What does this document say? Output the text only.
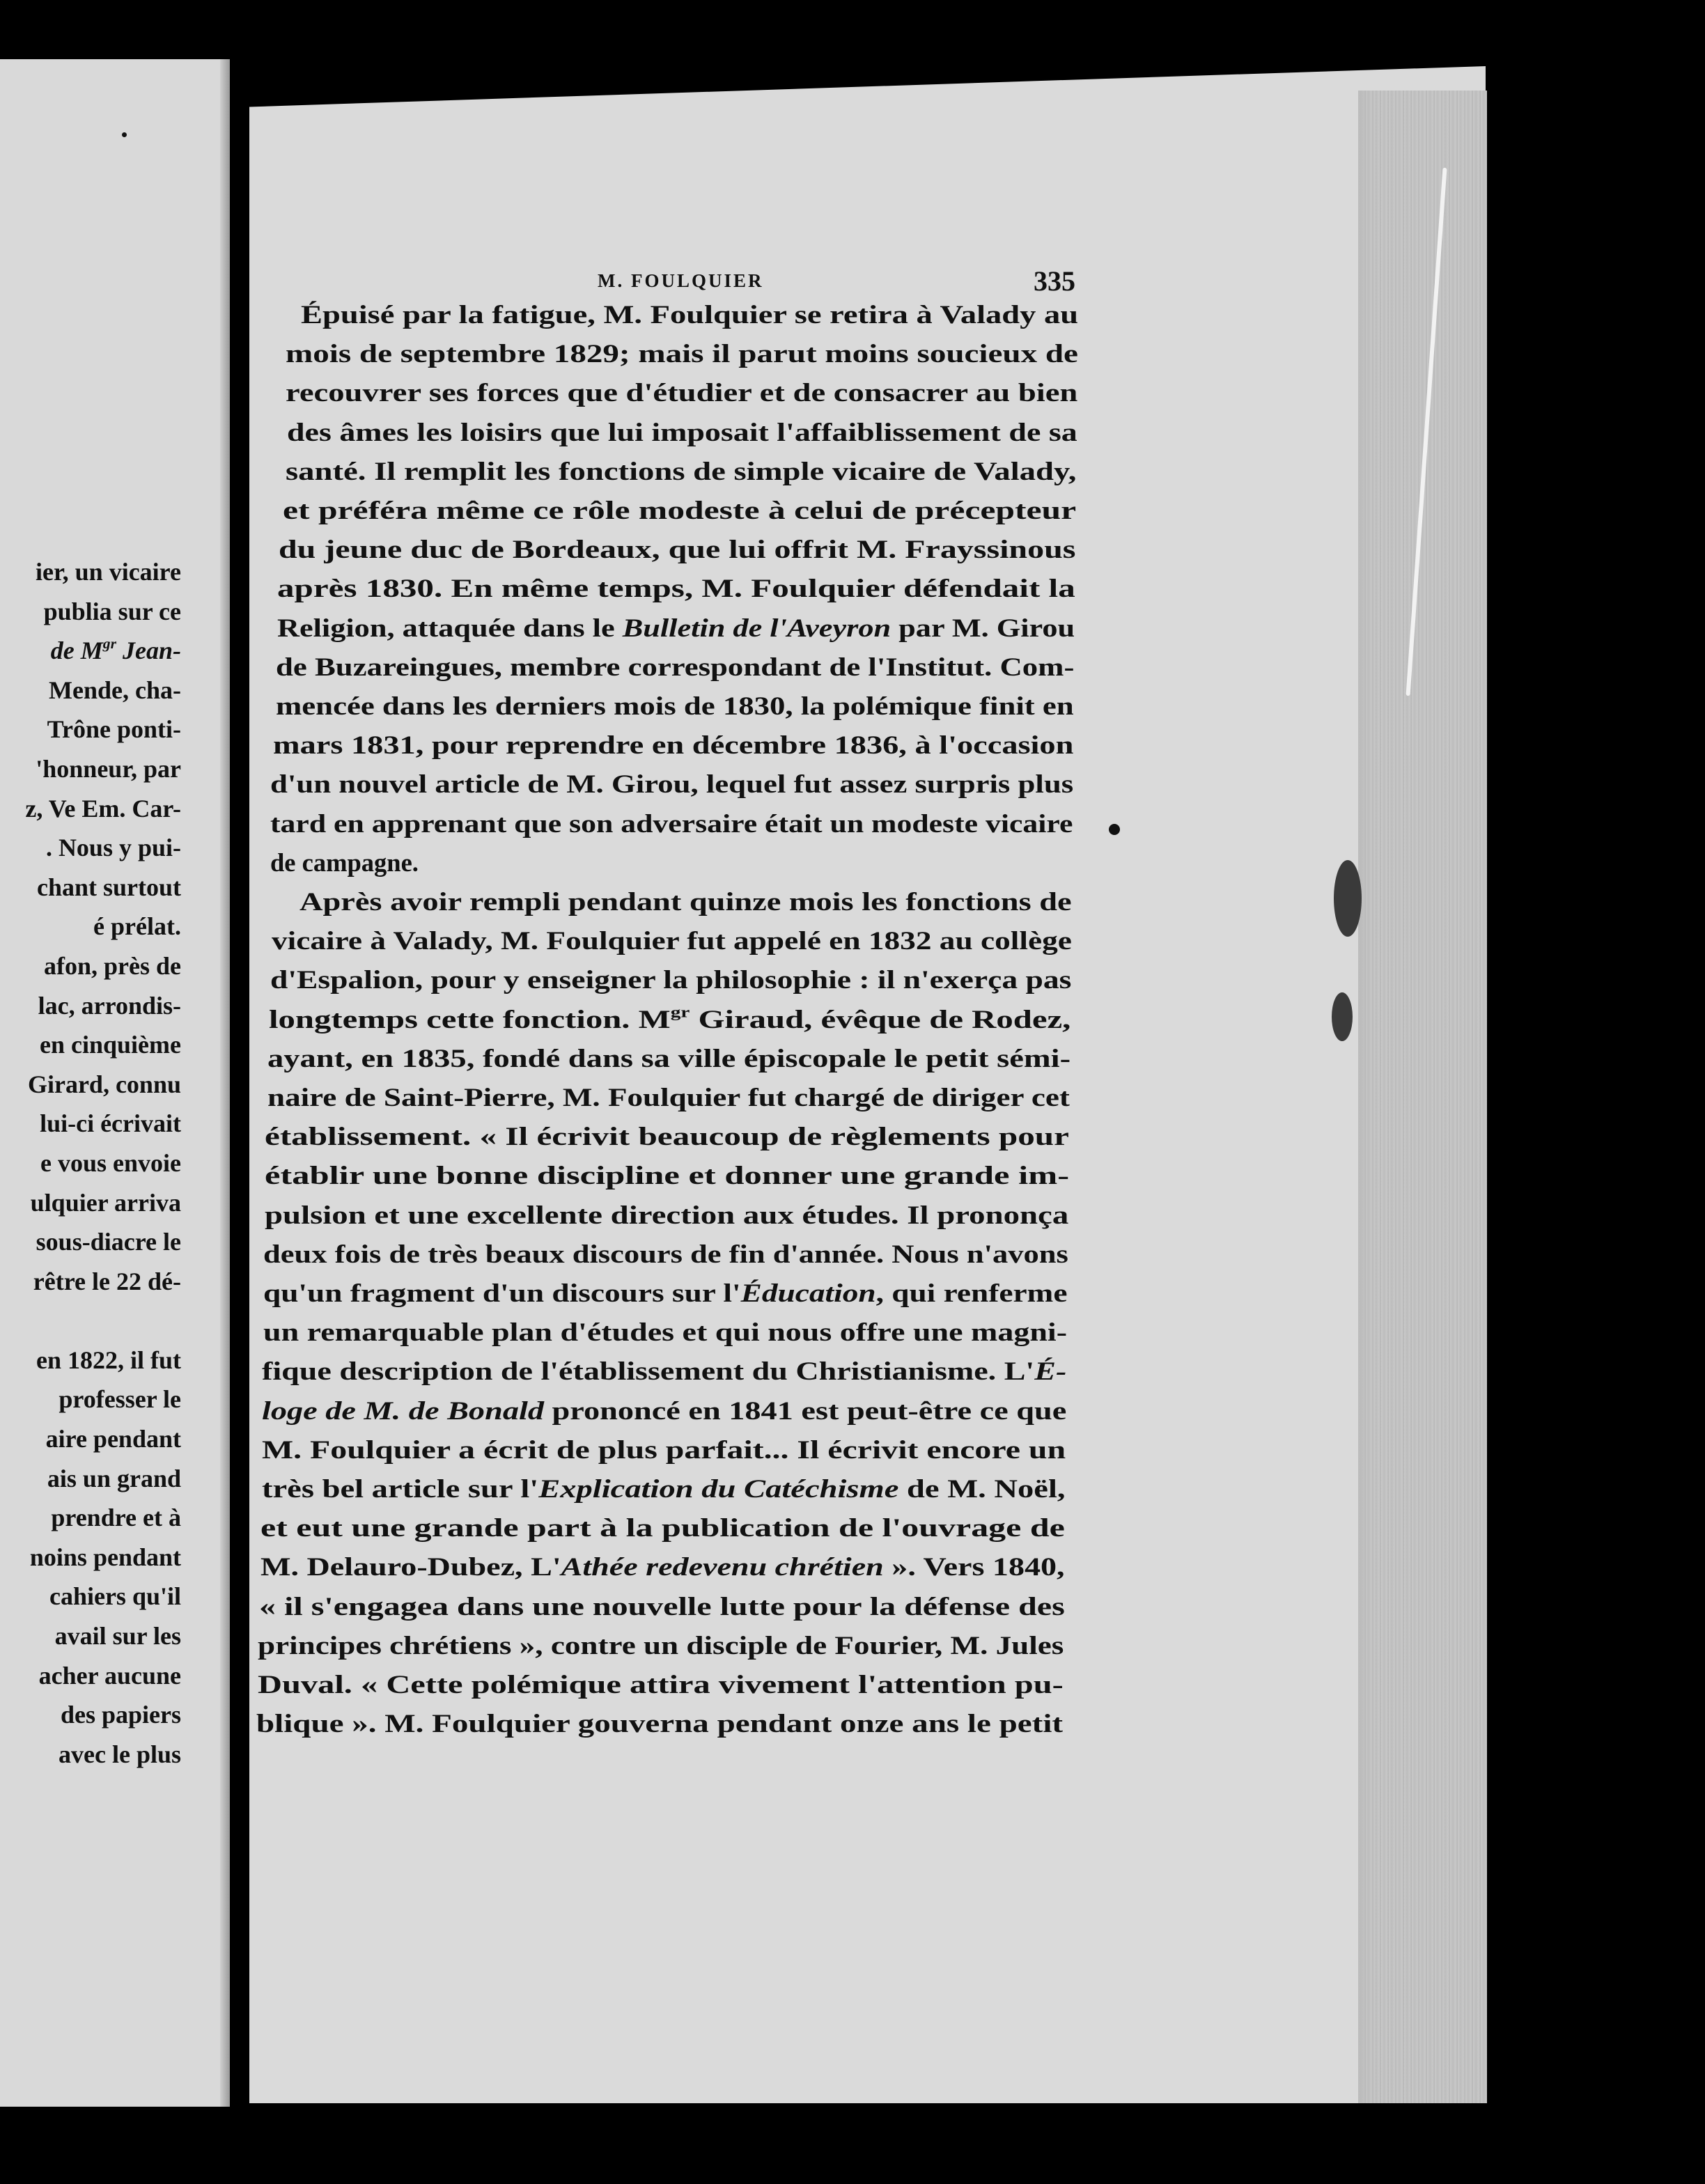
ier, un vicaire
publia sur ce
de $M^{gr}$ Jean-
Mende, cha-
Trône ponti-
'honneur, par
z, Ve Em. Car-
. Nous y pui-
chant surtout
é prélat.
afon, près de
lac, arrondis-
en cinquième
Girard, connu
lui-ci écrivait
e vous envoie
ulquier arriva
sous-diacre le
rêtre le 22 dé-
en 1822, il fut
professer le
aire pendant
ais un grand
prendre et à
noins pendant
cahiers qu'il
avail sur les
acher aucune
des papiers
avec le plus
M. FOULQUIER	335
Épuisé par la fatigue, M. Foulquier se retira à Valady au
mois de septembre 1829; mais il parut moins soucieux de
recouvrer ses forces que d'étudier et de consacrer au bien
des âmes les loisirs que lui imposait l'affaiblissement de sa
santé. Il remplit les fonctions de simple vicaire de Valady,
et préféra même ce rôle modeste à celui de précepteur
du jeune duc de Bordeaux, que lui offrit M. Frayssinous
après 1830. En même temps, M. Foulquier défendait la
Religion, attaquée dans le Bulletin de l'Aveyron par M. Girou
de Buzareingues, membre correspondant de l'Institut. Com-
mencée dans les derniers mois de 1830, la polémique finit en
mars 1831, pour reprendre en décembre 1836, à l'occasion
d'un nouvel article de M. Girou, lequel fut assez surpris plus
tard en apprenant que son adversaire était un modeste vicaire
de campagne.
Après avoir rempli pendant quinze mois les fonctions de
vicaire à Valady, M. Foulquier fut appelé en 1832 au collège
d'Espalion, pour y enseigner la philosophie : il n'exerça pas
longtemps cette fonction. $M^{gr}$ Giraud, évêque de Rodez,
ayant, en 1835, fondé dans sa ville épiscopale le petit sémi-
naire de Saint-Pierre, M. Foulquier fut chargé de diriger cet
établissement. « Il écrivit beaucoup de règlements pour
établir une bonne discipline et donner une grande im-
pulsion et une excellente direction aux études. Il prononça
deux fois de très beaux discours de fin d'année. Nous n'avons
qu'un fragment d'un discours sur l'Éducation, qui renferme
un remarquable plan d'études et qui nous offre une magni-
fique description de l'établissement du Christianisme. L'É-
loge de M. de Bonald prononcé en 1841 est peut-être ce que
M. Foulquier a écrit de plus parfait... Il écrivit encore un
très bel article sur l'Explication du Catéchisme de M. Noël,
et eut une grande part à la publication de l'ouvrage de
M. Delauro-Dubez, L'Athée redevenu chrétien ». Vers 1840,
« il s'engagea dans une nouvelle lutte pour la défense des
principes chrétiens », contre un disciple de Fourier, M. Jules
Duval. « Cette polémique attira vivement l'attention pu-
blique ». M. Foulquier gouverna pendant onze ans le petit
